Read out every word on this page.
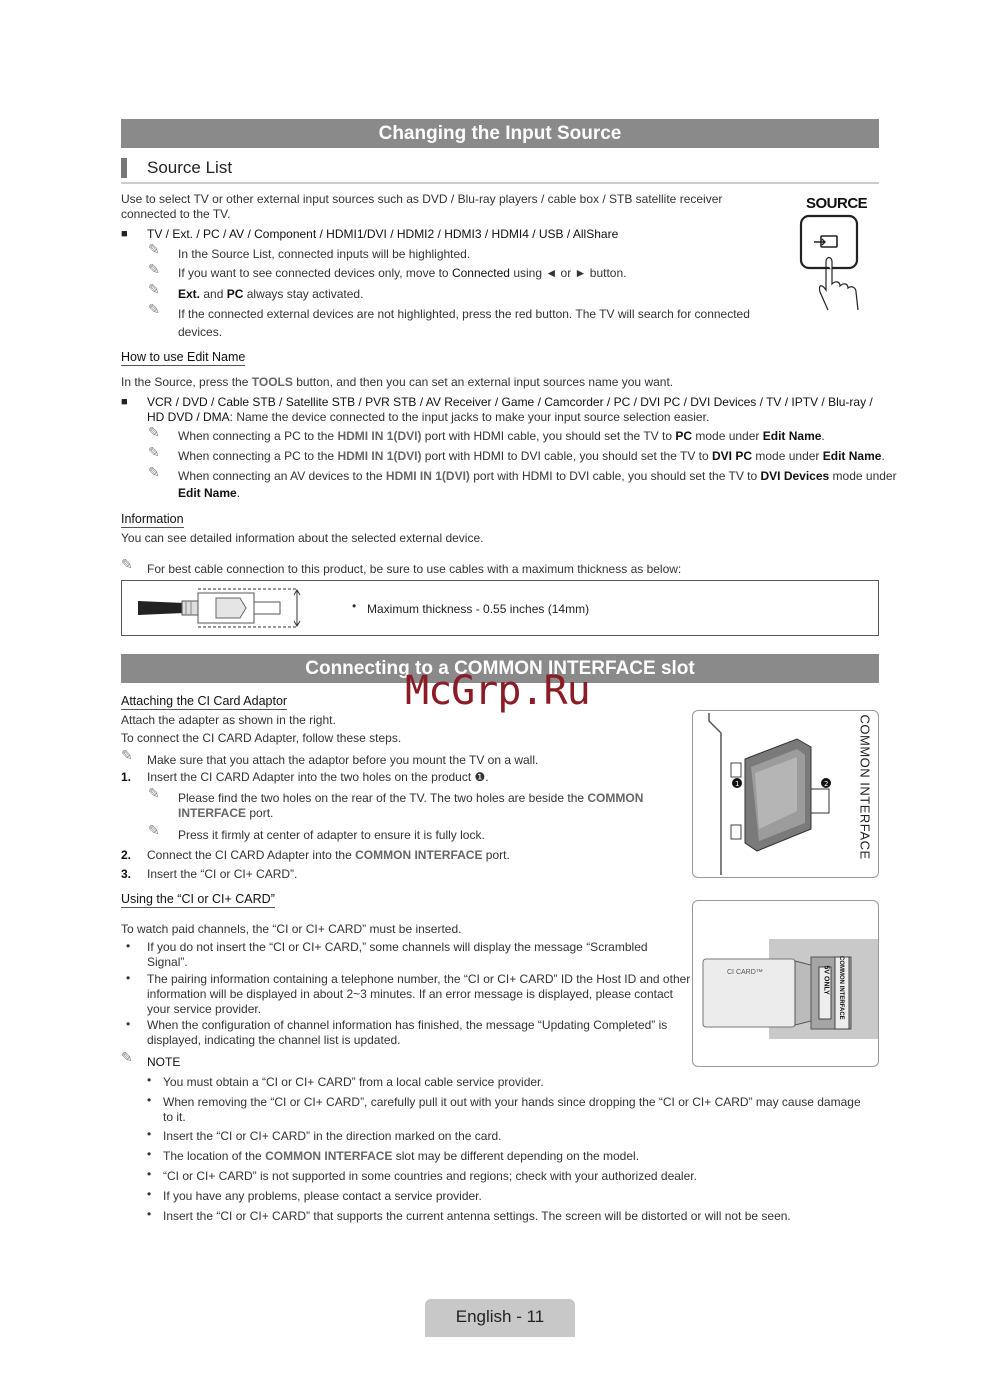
Changing the Input Source
Source List
Use to select TV or other external input sources such as DVD / Blu-ray players / cable box / STB satellite receiver
connected to the TV.
■ TV / Ext. / PC / AV / Component / HDMI1/DVI / HDMI2 / HDMI3 / HDMI4 / USB / AllShare
✎ In the Source List, connected inputs will be highlighted.
✎ If you want to see connected devices only, move to Connected using ◄ or ► button.
✎ Ext. and PC always stay activated.
✎ If the connected external devices are not highlighted, press the red button. The TV will search for connected
devices.
SOURCE
How to use Edit Name
In the Source, press the TOOLS button, and then you can set an external input sources name you want.
■ VCR / DVD / Cable STB / Satellite STB / PVR STB / AV Receiver / Game / Camcorder / PC / DVI PC / DVI Devices / TV / IPTV / Blu-ray /
HD DVD / DMA: Name the device connected to the input jacks to make your input source selection easier.
✎ When connecting a PC to the HDMI IN 1(DVI) port with HDMI cable, you should set the TV to PC mode under Edit Name.
✎ When connecting a PC to the HDMI IN 1(DVI) port with HDMI to DVI cable, you should set the TV to DVI PC mode under Edit Name.
✎ When connecting an AV devices to the HDMI IN 1(DVI) port with HDMI to DVI cable, you should set the TV to DVI Devices mode under
Edit Name.
Information
You can see detailed information about the selected external device.
✎ For best cable connection to this product, be sure to use cables with a maximum thickness as below:
• Maximum thickness - 0.55 inches (14mm)
Connecting to a COMMON INTERFACE slot
McGrp.Ru
Attaching the CI Card Adaptor
Attach the adapter as shown in the right.
To connect the CI CARD Adapter, follow these steps.
✎ Make sure that you attach the adaptor before you mount the TV on a wall.
1. Insert the CI CARD Adapter into the two holes on the product ❶.
✎ Please find the two holes on the rear of the TV. The two holes are beside the COMMON
INTERFACE port.
✎ Press it firmly at center of adapter to ensure it is fully lock.
2. Connect the CI CARD Adapter into the COMMON INTERFACE port.
3. Insert the “CI or CI+ CARD”.
1	2 COMMON INTERFACE
Using the “CI or CI+ CARD”
To watch paid channels, the “CI or CI+ CARD” must be inserted.
• If you do not insert the “CI or CI+ CARD,” some channels will display the message “Scrambled
Signal”.
• The pairing information containing a telephone number, the “CI or CI+ CARD” ID the Host ID and other
information will be displayed in about 2~3 minutes. If an error message is displayed, please contact
your service provider.
• When the configuration of channel information has finished, the message “Updating Completed” is
displayed, indicating the channel list is updated.
CI CARD™	5V ONLY COMMON INTERFACE
✎ NOTE
• You must obtain a “CI or CI+ CARD” from a local cable service provider.
• When removing the “CI or CI+ CARD”, carefully pull it out with your hands since dropping the “CI or CI+ CARD” may cause damage
to it.
• Insert the “CI or CI+ CARD” in the direction marked on the card.
• The location of the COMMON INTERFACE slot may be different depending on the model.
• “CI or CI+ CARD” is not supported in some countries and regions; check with your authorized dealer.
• If you have any problems, please contact a service provider.
• Insert the “CI or CI+ CARD” that supports the current antenna settings. The screen will be distorted or will not be seen.
English - 11
